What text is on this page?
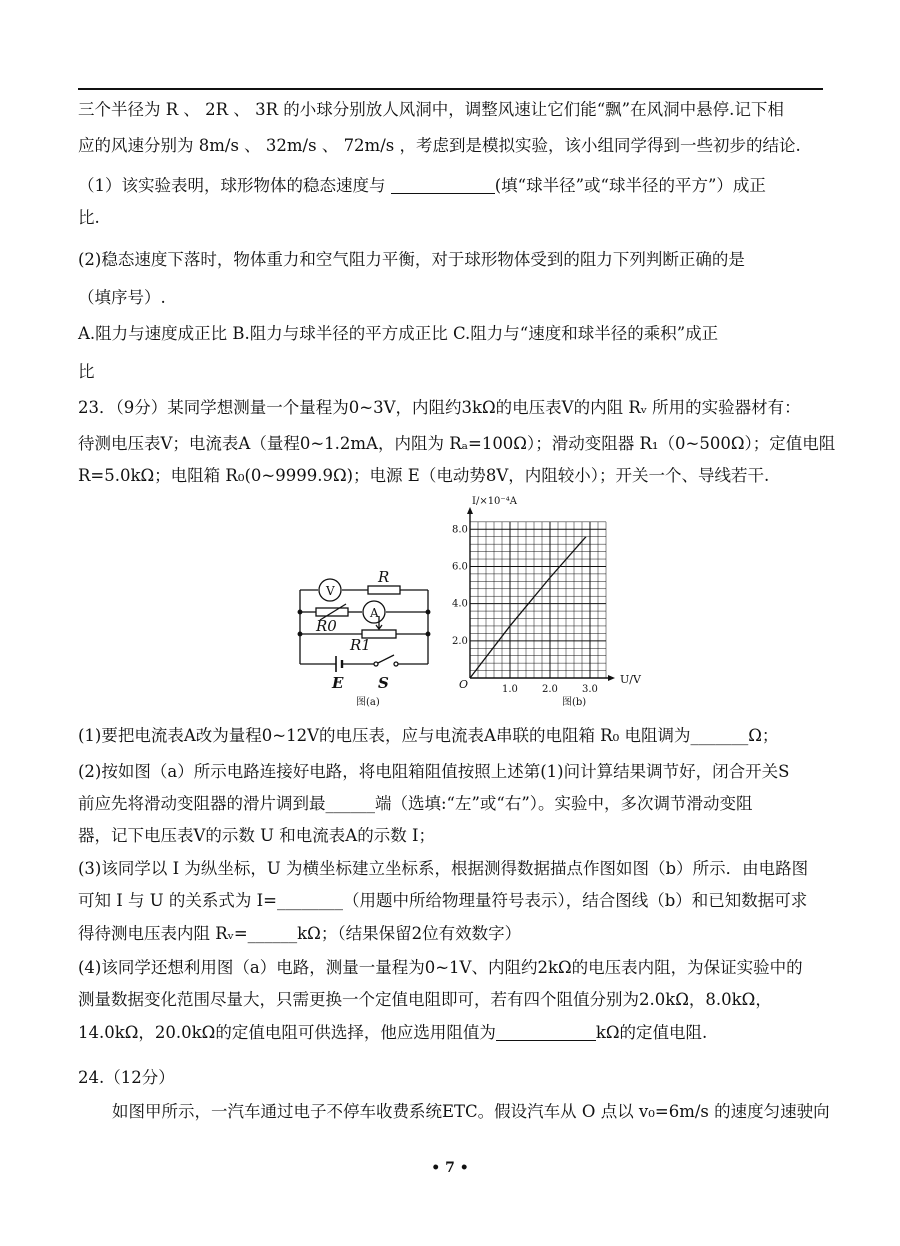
三个半径为 R 、 2R 、 3R 的小球分别放人风洞中，调整风速让它们能“飘”在风洞中悬停.记下相
应的风速分别为 8m/s 、 32m/s 、 72m/s ，考虑到是模拟实验，该小组同学得到一些初步的结论.
（1）该实验表明，球形物体的稳态速度与	(填“球半径”或“球半径的平方”）成正
比.
(2)稳态速度下落时，物体重力和空气阻力平衡，对于球形物体受到的阻力下列判断正确的是
（填序号）.
A.阻力与速度成正比 B.阻力与球半径的平方成正比 C.阻力与“速度和球半径的乘积”成正
比
23．（9分）某同学想测量一个量程为0~3V，内阻约3kΩ的电压表V的内阻 Rᵥ 所用的实验器材有：
待测电压表V；电流表A（量程0~1.2mA，内阻为 Rₐ=100Ω）；滑动变阻器 R₁（0~500Ω）；定值电阻
R=5.0kΩ；电阻箱 R₀(0~9999.9Ω)；电源 E（电动势8V，内阻较小）；开关一个、导线若干.
(1)要把电流表A改为量程0~12V的电压表，应与电流表A串联的电阻箱 R₀ 电阻调为_______Ω；
(2)按如图（a）所示电路连接好电路，将电阻箱阻值按照上述第(1)问计算结果调节好，闭合开关S
前应先将滑动变阻器的滑片调到最______端（选填:“左”或“右”）。实验中，多次调节滑动变阻
器，记下电压表V的示数 U 和电流表A的示数 I；
(3)该同学以 I 为纵坐标，U 为横坐标建立坐标系，根据测得数据描点作图如图（b）所示．由电路图
可知 I 与 U 的关系式为 I=________（用题中所给物理量符号表示），结合图线（b）和已知数据可求
得待测电压表内阻 Rᵥ=______kΩ；（结果保留2位有效数字）
(4)该同学还想利用图（a）电路，测量一量程为0~1V、内阻约2kΩ的电压表内阻，为保证实验中的
测量数据变化范围尽量大，只需更换一个定值电阻即可，若有四个阻值分别为2.0kΩ，8.0kΩ，
14.0kΩ，20.0kΩ的定值电阻可供选择，他应选用阻值为	kΩ的定值电阻.
24.（12分）
如图甲所示，一汽车通过电子不停车收费系统ETC。假设汽车从 O 点以 v₀=6m/s 的速度匀速驶向
V
A
R
R0
R1
E S
图(a)
1.0 2.0 3.0
2.0
4.0
6.0
8.0
I/×10⁻⁴A
U/V
O
图(b)
• 7 •
